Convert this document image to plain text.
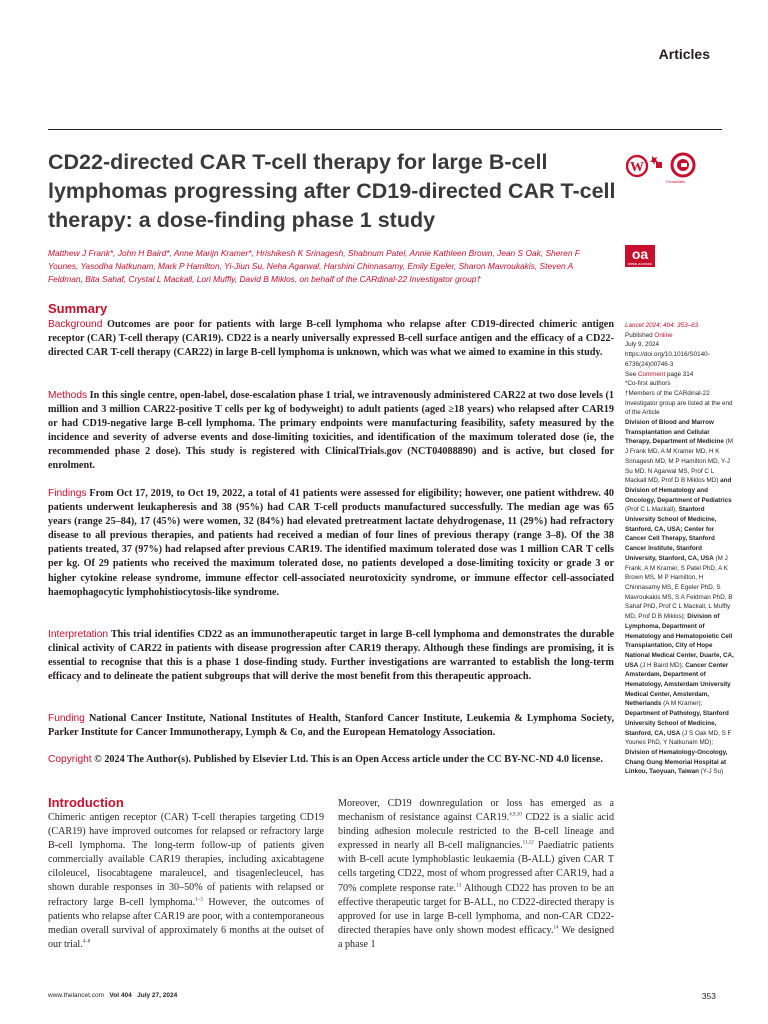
Articles
CD22-directed CAR T-cell therapy for large B-cell lymphomas progressing after CD19-directed CAR T-cell therapy: a dose-finding phase 1 study
W
CrossMark
oa
OPEN ACCESS
Matthew J Frank*, John H Baird*, Anne Marijn Kramer*, Hrishikesh K Srinagesh, Shabnum Patel, Annie Kathleen Brown, Jean S Oak, Sheren F Younes, Yasodha Natkunam, Mark P Hamilton, Yi-Jiun Su, Neha Agarwal, Harshini Chinnasamy, Emily Egeler, Sharon Mavroukakis, Steven A Feldman, Bita Sahaf, Crystal L Mackall, Lori Muffly, David B Miklos, on behalf of the CARdinal-22 Investigator group†
Summary
Background Outcomes are poor for patients with large B-cell lymphoma who relapse after CD19-directed chimeric antigen receptor (CAR) T-cell therapy (CAR19). CD22 is a nearly universally expressed B-cell surface antigen and the efficacy of a CD22-directed CAR T-cell therapy (CAR22) in large B-cell lymphoma is unknown, which was what we aimed to examine in this study.
Methods In this single centre, open-label, dose-escalation phase 1 trial, we intravenously administered CAR22 at two dose levels (1 million and 3 million CAR22-positive T cells per kg of bodyweight) to adult patients (aged ≥18 years) who relapsed after CAR19 or had CD19-negative large B-cell lymphoma. The primary endpoints were manufacturing feasibility, safety measured by the incidence and severity of adverse events and dose-limiting toxicities, and identification of the maximum tolerated dose (ie, the recommended phase 2 dose). This study is registered with ClinicalTrials.gov (NCT04088890) and is active, but closed for enrolment.
Findings From Oct 17, 2019, to Oct 19, 2022, a total of 41 patients were assessed for eligibility; however, one patient withdrew. 40 patients underwent leukapheresis and 38 (95%) had CAR T-cell products manufactured successfully. The median age was 65 years (range 25–84), 17 (45%) were women, 32 (84%) had elevated pretreatment lactate dehydrogenase, 11 (29%) had refractory disease to all previous therapies, and patients had received a median of four lines of previous therapy (range 3–8). Of the 38 patients treated, 37 (97%) had relapsed after previous CAR19. The identified maximum tolerated dose was 1 million CAR T cells per kg. Of 29 patients who received the maximum tolerated dose, no patients developed a dose-limiting toxicity or grade 3 or higher cytokine release syndrome, immune effector cell-associated neurotoxicity syndrome, or immune effector cell-associated haemophagocytic lymphohistiocytosis-like syndrome.
Interpretation This trial identifies CD22 as an immunotherapeutic target in large B-cell lymphoma and demonstrates the durable clinical activity of CAR22 in patients with disease progression after CAR19 therapy. Although these findings are promising, it is essential to recognise that this is a phase 1 dose-finding study. Further investigations are warranted to establish the long-term efficacy and to delineate the patient subgroups that will derive the most benefit from this therapeutic approach.
Funding National Cancer Institute, National Institutes of Health, Stanford Cancer Institute, Leukemia & Lymphoma Society, Parker Institute for Cancer Immunotherapy, Lymph & Co, and the European Hematology Association.
Copyright © 2024 The Author(s). Published by Elsevier Ltd. This is an Open Access article under the CC BY-NC-ND 4.0 license.
Introduction
Chimeric antigen receptor (CAR) T-cell therapies targeting CD19 (CAR19) have improved outcomes for relapsed or refractory large B-cell lymphoma. The long-term follow-up of patients given commercially available CAR19 therapies, including axicabtagene ciloleucel, lisocabtagene maraleucel, and tisagenlecleucel, has shown durable responses in 30–50% of patients with relapsed or refractory large B-cell lymphoma.$^{1-3}$ However, the outcomes of patients who relapse after CAR19 are poor, with a contemporaneous median overall survival of approximately 6 months at the outset of our trial.$^{4-8}$
Moreover, CD19 downregulation or loss has emerged as a mechanism of resistance against CAR19.$^{4,9,10}$ CD22 is a sialic acid binding adhesion molecule restricted to the B-cell lineage and expressed in nearly all B-cell malignancies.$^{11,12}$ Paediatric patients with B-cell acute lymphoblastic leukaemia (B-ALL) given CAR T cells targeting CD22, most of whom progressed after CAR19, had a 70% complete response rate.$^{13}$ Although CD22 has proven to be an effective therapeutic target for B-ALL, no CD22-directed therapy is approved for use in large B-cell lymphoma, and non-CAR CD22-directed therapies have only shown modest efficacy.$^{14}$ We designed a phase 1

Lancet 2024; 404: 353–63

Published Online

July 9, 2024

https://doi.org/10.1016/S0140-6736(24)00746-3

See Comment page 314

*Co-first authors

†Members of the CARdinal-22 Investigator group are listed at the end of the Article

Division of Blood and Marrow Transplantation and Cellular Therapy, Department of Medicine (M J Frank MD, A M Kramer MD, H K Srinagesh MD, M P Hamilton MD, Y-J Su MD, N Agarwal MS, Prof C L Mackall MD, Prof D B Miklos MD) and Division of Hematology and Oncology, Department of Pediatrics (Prof C L Mackall), Stanford University School of Medicine, Stanford, CA, USA; Center for Cancer Cell Therapy, Stanford Cancer Institute, Stanford University, Stanford, CA, USA (M J Frank, A M Kramer, S Patel PhD, A K Brown MS, M P Hamilton, H Chinnasamy MS, E Egeler PhD, S Mavroukakis MS, S A Feldman PhD, B Sahaf PhD, Prof C L Mackall, L Muffly MD, Prof D B Miklos); Division of Lymphoma, Department of Hematology and Hematopoietic Cell Transplantation, City of Hope National Medical Center, Duarte, CA, USA (J H Baird MD); Cancer Center Amsterdam, Department of Hematology, Amsterdam University Medical Center, Amsterdam, Netherlands (A M Kramer); Department of Pathology, Stanford University School of Medicine, Stanford, CA, USA (J S Oak MD, S F Younes PhD, Y Natkunam MD); Division of Hematology-Oncology, Chang Gung Memorial Hospital at Linkou, Taoyuan, Taiwan (Y-J Su)

www.thelancet.com Vol 404 July 27, 2024	353
